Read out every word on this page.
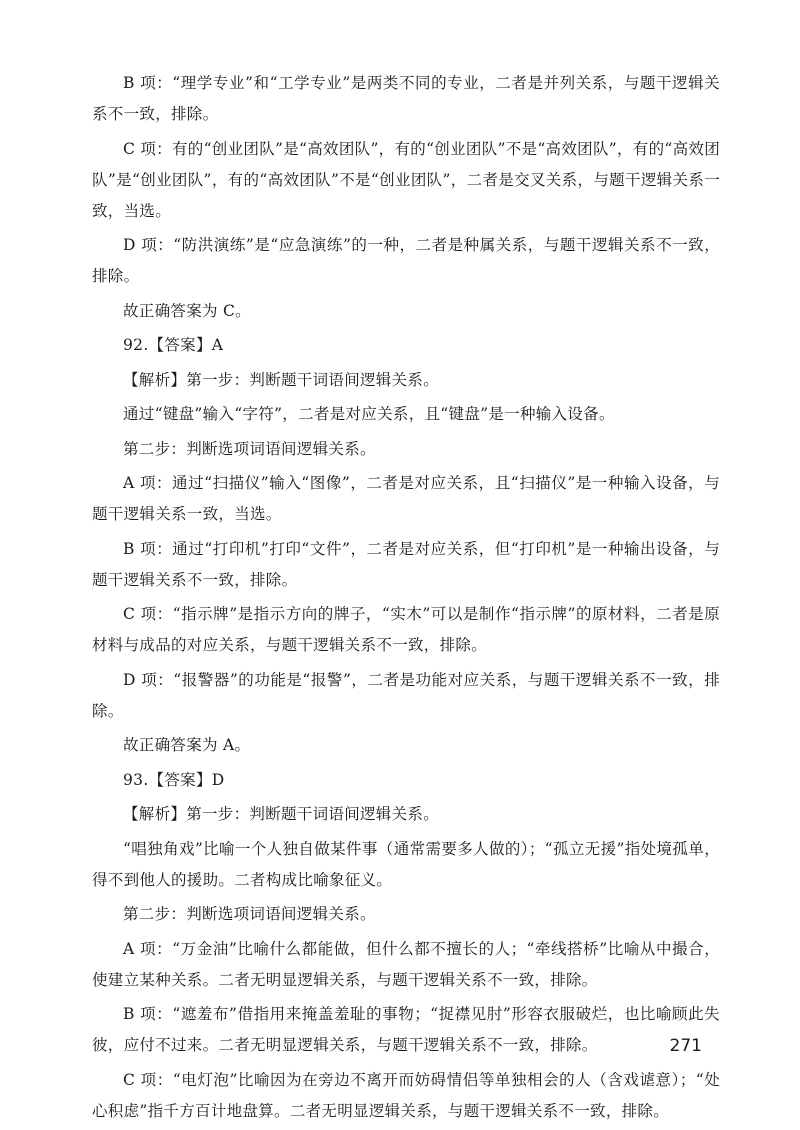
B 项：“理学专业”和“工学专业”是两类不同的专业，二者是并列关系，与题干逻辑关系不一致，排除。

C 项：有的“创业团队”是“高效团队”，有的“创业团队”不是“高效团队”，有的“高效团队”是“创业团队”，有的“高效团队”不是“创业团队”，二者是交叉关系，与题干逻辑关系一致，当选。

D 项：“防洪演练”是“应急演练”的一种，二者是种属关系，与题干逻辑关系不一致，排除。

故正确答案为 C。

92.【答案】A

【解析】第一步：判断题干词语间逻辑关系。

通过“键盘”输入“字符”，二者是对应关系，且“键盘”是一种输入设备。

第二步：判断选项词语间逻辑关系。

A 项：通过“扫描仪”输入“图像”，二者是对应关系，且“扫描仪”是一种输入设备，与题干逻辑关系一致，当选。

B 项：通过“打印机”打印“文件”，二者是对应关系，但“打印机”是一种输出设备，与题干逻辑关系不一致，排除。

C 项：“指示牌”是指示方向的牌子，“实木”可以是制作“指示牌”的原材料，二者是原材料与成品的对应关系，与题干逻辑关系不一致，排除。

D 项：“报警器”的功能是“报警”，二者是功能对应关系，与题干逻辑关系不一致，排除。

故正确答案为 A。

93.【答案】D

【解析】第一步：判断题干词语间逻辑关系。

“唱独角戏”比喻一个人独自做某件事（通常需要多人做的）；“孤立无援”指处境孤单，得不到他人的援助。二者构成比喻象征义。

第二步：判断选项词语间逻辑关系。

A 项：“万金油”比喻什么都能做，但什么都不擅长的人；“牵线搭桥”比喻从中撮合，使建立某种关系。二者无明显逻辑关系，与题干逻辑关系不一致，排除。

B 项：“遮羞布”借指用来掩盖羞耻的事物；“捉襟见肘”形容衣服破烂，也比喻顾此失彼，应付不过来。二者无明显逻辑关系，与题干逻辑关系不一致，排除。

C 项：“电灯泡”比喻因为在旁边不离开而妨碍情侣等单独相会的人（含戏谑意）；“处心积虑”指千方百计地盘算。二者无明显逻辑关系，与题干逻辑关系不一致，排除。

271
